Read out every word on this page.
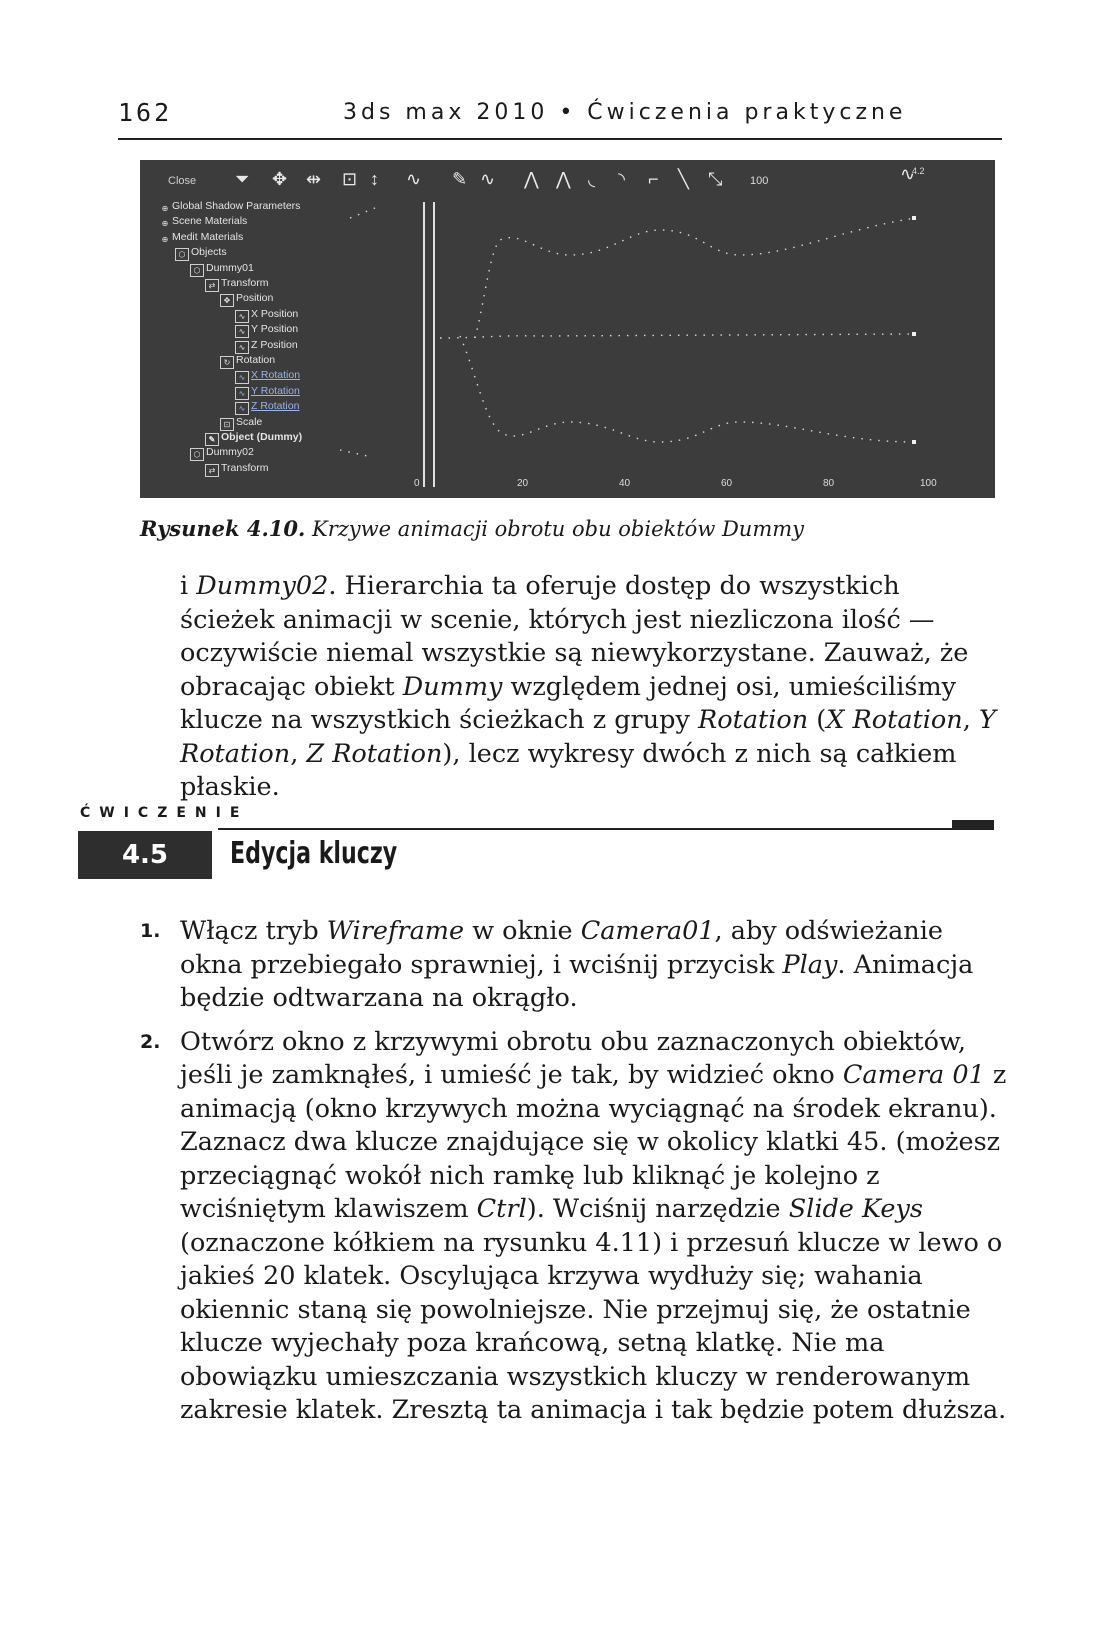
162	3ds max 2010 • Ćwiczenia praktyczne
Close ⏷ ✥ ⇹ ⊡ ↕ ∿ ✎ ∿ ⋀ ⋀ ◟ ◝ ⌐ ╲ ⤡	100	∿
4.2
⊕ Global Shadow Parameters
⊕ Scene Materials
⊕ Medit Materials
⬡ Objects
⬡ Dummy01
⇄ Transform
✥ Position
∿ X Position
∿ Y Position
∿ Z Position
↻ Rotation
∿ X Rotation
∿ Y Rotation
∿ Z Rotation
⊡ Scale
✎ Object (Dummy)
⬡ Dummy02
⇄ Transform
0	20	40	60	80	100
Rysunek 4.10. Krzywe animacji obrotu obu obiektów Dummy

i Dummy02. Hierarchia ta oferuje dostęp do wszystkich ścieżek animacji w scenie, których jest niezliczona ilość — oczywiście niemal wszystkie są niewykorzystane. Zauważ, że obracając obiekt Dummy względem jednej osi, umieściliśmy klucze na wszystkich ścieżkach z grupy Rotation (X Rotation, Y Rotation, Z Rotation), lecz wykresy dwóch z nich są całkiem płaskie.

ĆWICZENIE
4.5	Edycja kluczy
1. Włącz tryb Wireframe w oknie Camera01, aby odświeżanie okna przebiegało sprawniej, i wciśnij przycisk Play. Animacja będzie odtwarzana na okrągło.
2. Otwórz okno z krzywymi obrotu obu zaznaczonych obiektów, jeśli je zamknąłeś, i umieść je tak, by widzieć okno Camera 01 z animacją (okno krzywych można wyciągnąć na środek ekranu). Zaznacz dwa klucze znajdujące się w okolicy klatki 45. (możesz przeciągnąć wokół nich ramkę lub kliknąć je kolejno z wciśniętym klawiszem Ctrl). Wciśnij narzędzie Slide Keys (oznaczone kółkiem na rysunku 4.11) i przesuń klucze w lewo o jakieś 20 klatek. Oscylująca krzywa wydłuży się; wahania okiennic staną się powolniejsze. Nie przejmuj się, że ostatnie klucze wyjechały poza krańcową, setną klatkę. Nie ma obowiązku umieszczania wszystkich kluczy w renderowanym zakresie klatek. Zresztą ta animacja i tak będzie potem dłuższa.
